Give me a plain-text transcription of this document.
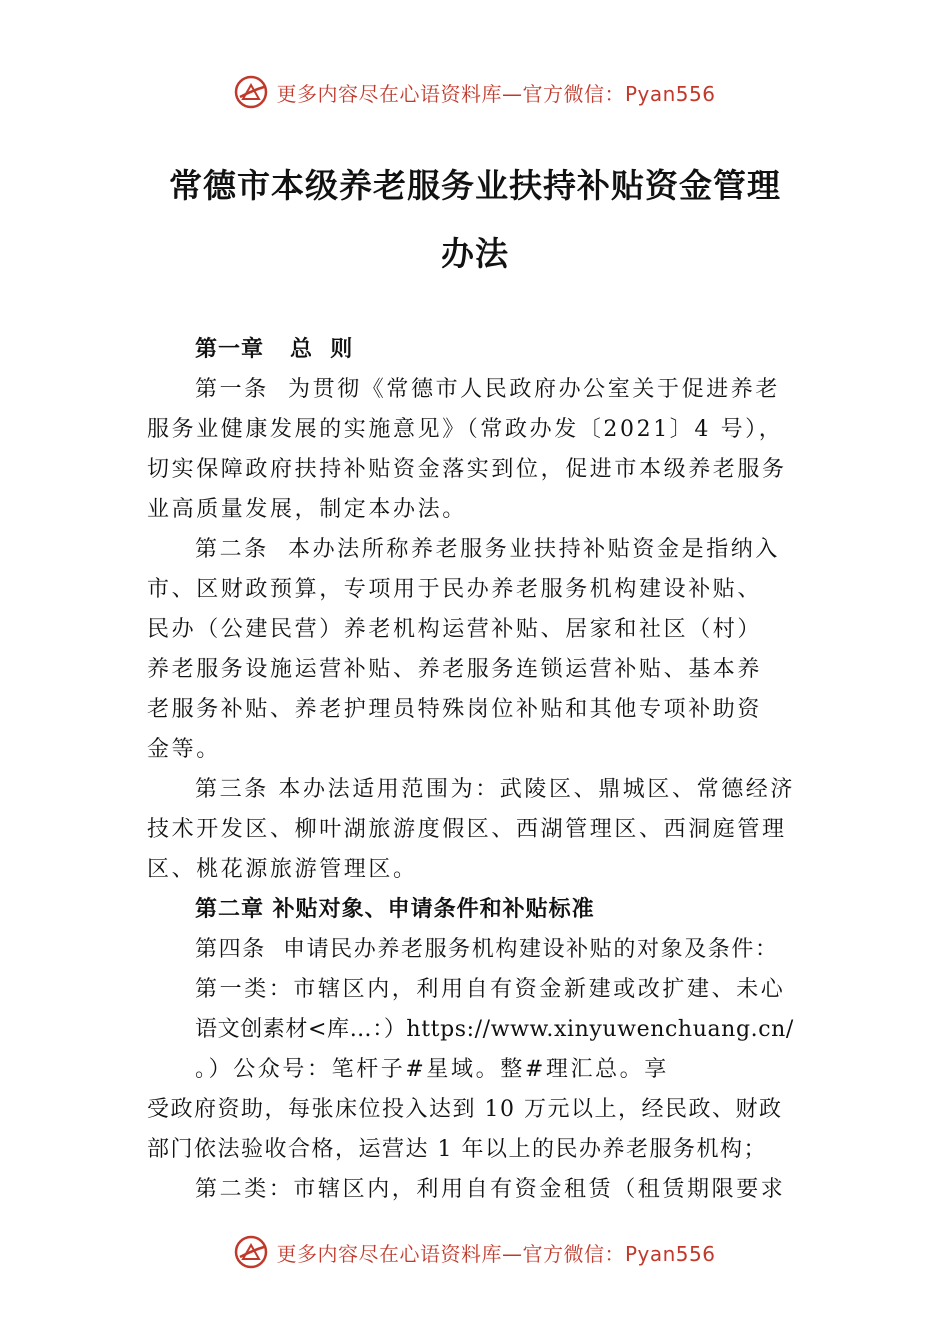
更多内容尽在心语资料库—官方微信：Pyan556
常德市本级养老服务业扶持补贴资金管理
办法
第一章   总  则
第一条  为贯彻《常德市人民政府办公室关于促进养老
服务业健康发展的实施意见》（常政办发〔2021〕4 号），
切实保障政府扶持补贴资金落实到位，促进市本级养老服务
业高质量发展，制定本办法。
第二条  本办法所称养老服务业扶持补贴资金是指纳入
市、区财政预算，专项用于民办养老服务机构建设补贴、
民办（公建民营）养老机构运营补贴、居家和社区（村）
养老服务设施运营补贴、养老服务连锁运营补贴、基本养
老服务补贴、养老护理员特殊岗位补贴和其他专项补助资
金等。
第三条 本办法适用范围为：武陵区、鼎城区、常德经济
技术开发区、柳叶湖旅游度假区、西湖管理区、西洞庭管理
区、桃花源旅游管理区。
第二章 补贴对象、申请条件和补贴标准
第四条  申请民办养老服务机构建设补贴的对象及条件：
第一类：市辖区内，利用自有资金新建或改扩建、未心
语文创素材<库…：）https://www.xinyuwenchuang.cn/
。）公众号：笔杆子#星域。整#理汇总。享
受政府资助，每张床位投入达到 10 万元以上，经民政、财政
部门依法验收合格，运营达 1 年以上的民办养老服务机构；
第二类：市辖区内，利用自有资金租赁（租赁期限要求
更多内容尽在心语资料库—官方微信：Pyan556
